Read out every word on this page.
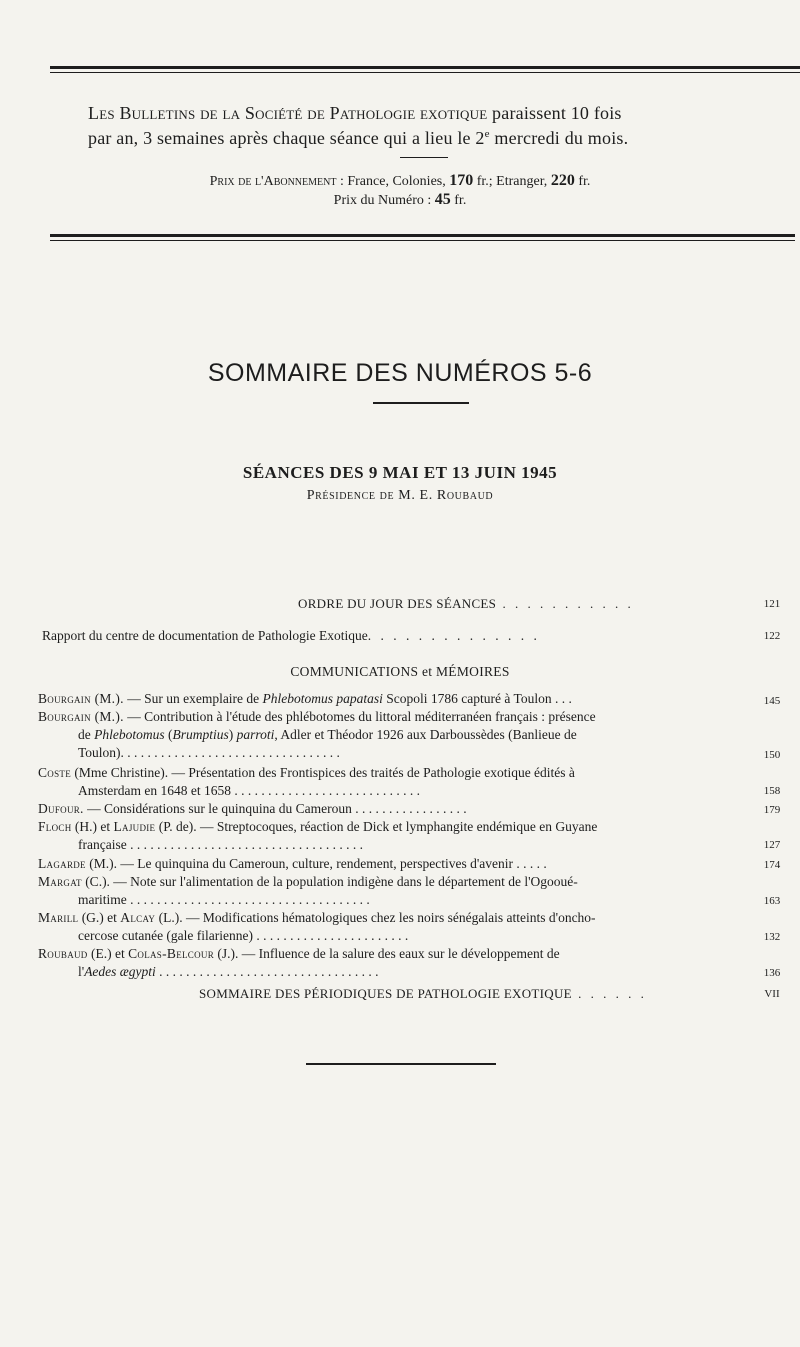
Les Bulletins de la Société de Pathologie exotique paraissent 10 fois
par an, 3 semaines après chaque séance qui a lieu le 2e mercredi du mois.
Prix de l'Abonnement : France, Colonies, 170 fr.; Etranger, 220 fr.
Prix du Numéro : 45 fr.
SOMMAIRE DES NUMÉROS 5-6
SÉANCES DES 9 MAI ET 13 JUIN 1945
Présidence de M. E. Roubaud
ORDRE DU JOUR DES SÉANCES . . . . . . . . . . .	121
Rapport du centre de documentation de Pathologie Exotique. . . . . . . . . . . . . .	122
COMMUNICATIONS et MÉMOIRES
Bourgain (M.). — Sur un exemplaire de Phlebotomus papatasi Scopoli 1786 capturé à Toulon . . .	145
Bourgain (M.). — Contribution à l'étude des phlébotomes du littoral méditerranéen français : présence
de Phlebotomus (Brumptius) parroti, Adler et Théodor 1926 aux Darboussèdes (Banlieue de
Toulon). . . . . . . . . . . . . . . . . . . . . . . . . . . . . . . . .	150
Coste (Mme Christine). — Présentation des Frontispices des traités de Pathologie exotique édités à
Amsterdam en 1648 et 1658 . . . . . . . . . . . . . . . . . . . . . . . . . . . .	158
Dufour. — Considérations sur le quinquina du Cameroun . . . . . . . . . . . . . . . . .	179
Floch (H.) et Lajudie (P. de). — Streptocoques, réaction de Dick et lymphangite endémique en Guyane
française . . . . . . . . . . . . . . . . . . . . . . . . . . . . . . . . . . .	127
Lagarde (M.). — Le quinquina du Cameroun, culture, rendement, perspectives d'avenir . . . . .	174
Margat (C.). — Note sur l'alimentation de la population indigène dans le département de l'Ogooué-
maritime . . . . . . . . . . . . . . . . . . . . . . . . . . . . . . . . . . . .	163
Marill (G.) et Alcay (L.). — Modifications hématologiques chez les noirs sénégalais atteints d'oncho-
cercose cutanée (gale filarienne) . . . . . . . . . . . . . . . . . . . . . . .	132
Roubaud (E.) et Colas-Belcour (J.). — Influence de la salure des eaux sur le développement de
l'Aedes ægypti . . . . . . . . . . . . . . . . . . . . . . . . . . . . . . . . .	136
SOMMAIRE DES PÉRIODIQUES DE PATHOLOGIE EXOTIQUE . . . . . .	VII
